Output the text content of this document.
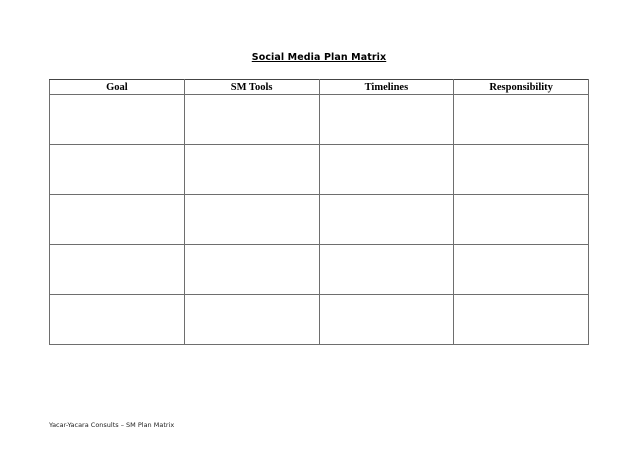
Social Media Plan Matrix
Goal	SM Tools	Timelines	Responsibility

Yacar-Yacara Consults – SM Plan Matrix
